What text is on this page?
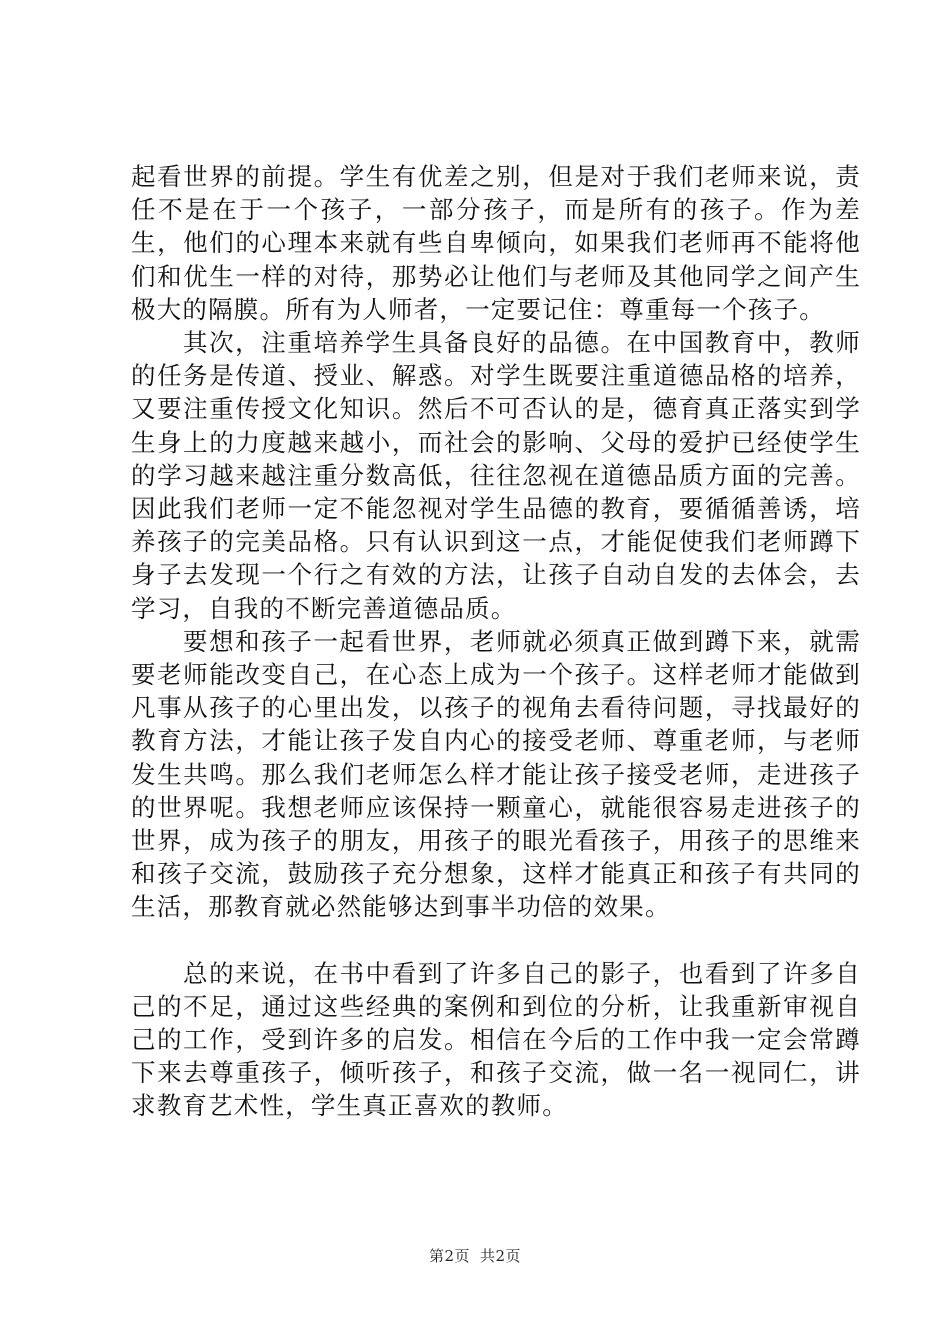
起看世界的前提。学生有优差之别，但是对于我们老师来说，责任不是在于一个孩子，一部分孩子，而是所有的孩子。作为差生，他们的心理本来就有些自卑倾向，如果我们老师再不能将他们和优生一样的对待，那势必让他们与老师及其他同学之间产生极大的隔膜。所有为人师者，一定要记住：尊重每一个孩子。

其次，注重培养学生具备良好的品德。在中国教育中，教师的任务是传道、授业、解惑。对学生既要注重道德品格的培养，又要注重传授文化知识。然后不可否认的是，德育真正落实到学生身上的力度越来越小，而社会的影响、父母的爱护已经使学生的学习越来越注重分数高低，往往忽视在道德品质方面的完善。因此我们老师一定不能忽视对学生品德的教育，要循循善诱，培养孩子的完美品格。只有认识到这一点，才能促使我们老师蹲下身子去发现一个行之有效的方法，让孩子自动自发的去体会，去学习，自我的不断完善道德品质。

要想和孩子一起看世界，老师就必须真正做到蹲下来，就需要老师能改变自己，在心态上成为一个孩子。这样老师才能做到凡事从孩子的心里出发，以孩子的视角去看待问题，寻找最好的教育方法，才能让孩子发自内心的接受老师、尊重老师，与老师发生共鸣。那么我们老师怎么样才能让孩子接受老师，走进孩子的世界呢。我想老师应该保持一颗童心，就能很容易走进孩子的世界，成为孩子的朋友，用孩子的眼光看孩子，用孩子的思维来和孩子交流，鼓励孩子充分想象，这样才能真正和孩子有共同的生活，那教育就必然能够达到事半功倍的效果。

总的来说，在书中看到了许多自己的影子，也看到了许多自己的不足，通过这些经典的案例和到位的分析，让我重新审视自己的工作，受到许多的启发。相信在今后的工作中我一定会常蹲下来去尊重孩子，倾听孩子，和孩子交流，做一名一视同仁，讲求教育艺术性，学生真正喜欢的教师。

第2页 共2页
